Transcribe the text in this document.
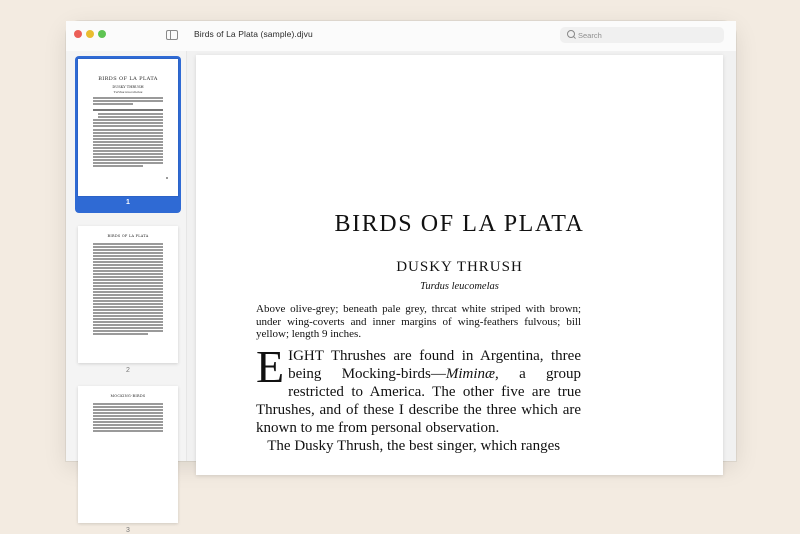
Birds of La Plata (sample).djvu
Search
BIRDS OF LA PLATA
DUSKY THRUSH
Turdus leucomelas
1
BIRDS OF LA PLATA
2
MOCKING-BIRDS
3
BIRDS OF LA PLATA
DUSKY THRUSH
Turdus leucomelas
Above olive-grey; beneath pale grey, thrcat white striped with brown; under wing-coverts and inner margins of wing-feathers fulvous; bill yellow; length 9 inches.
EIGHT Thrushes are found in Argentina, three being Mocking-birds—Miminæ, a group restricted to America. The other five are true Thrushes, and of these I describe the three which are known to me from personal observation.
The Dusky Thrush, the best singer, which ranges
